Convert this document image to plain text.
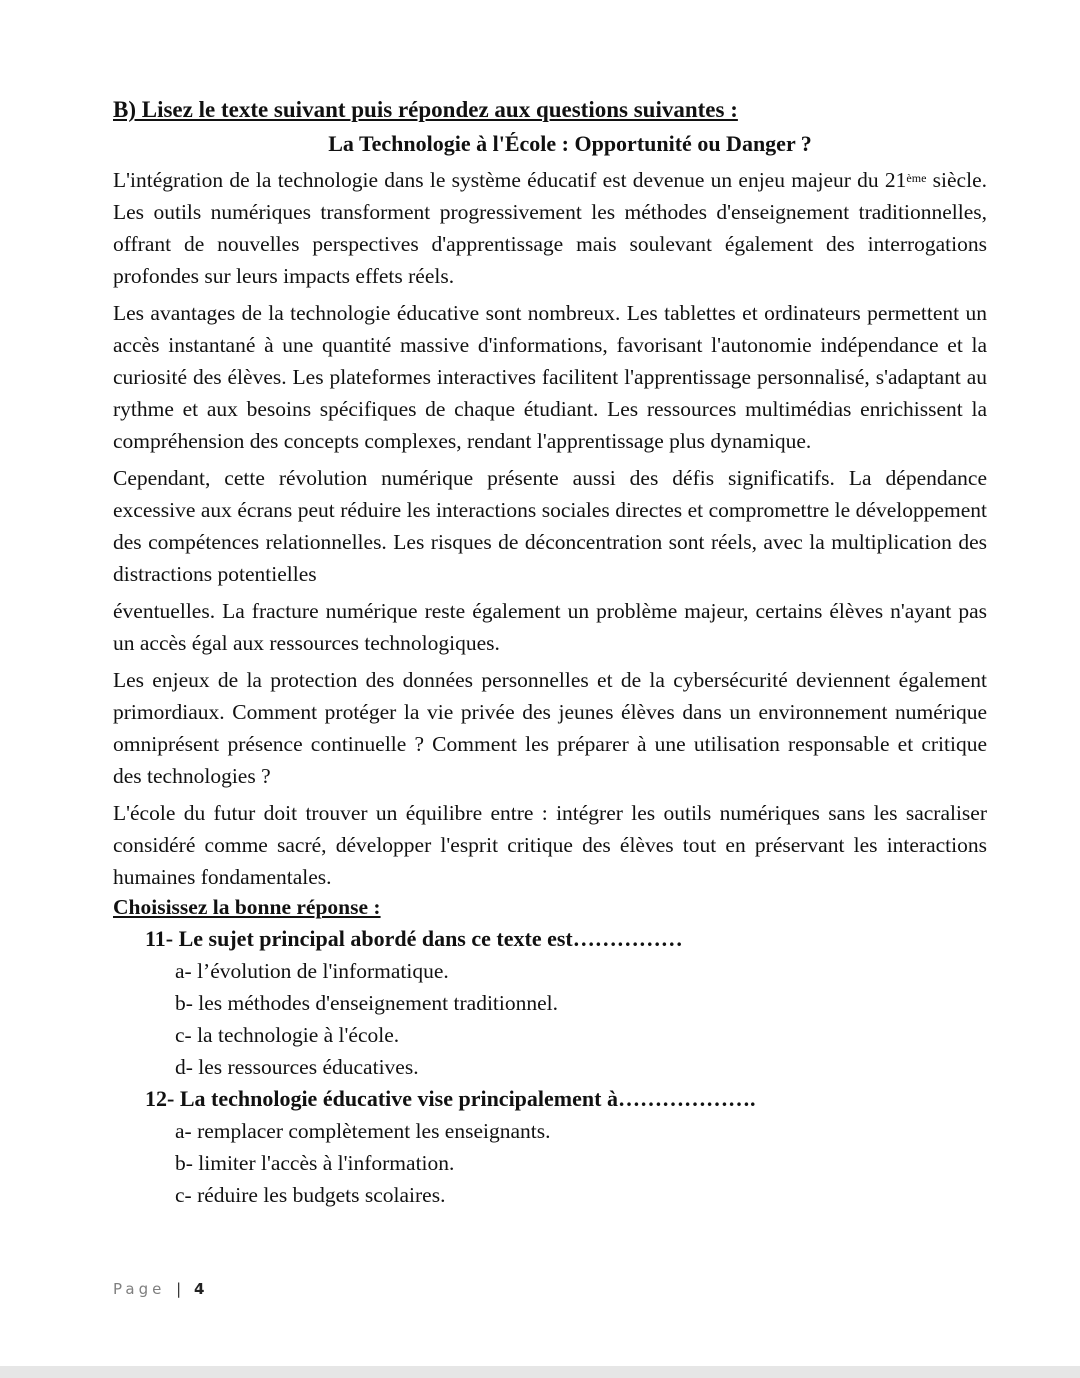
B) Lisez le texte suivant puis répondez aux questions suivantes :

La Technologie à l'École : Opportunité ou Danger ?

L'intégration de la technologie dans le système éducatif est devenue un enjeu majeur du 21ème siècle. Les outils numériques transforment progressivement les méthodes d'enseignement traditionnelles, offrant de nouvelles perspectives d'apprentissage mais soulevant également des interrogations profondes sur leurs impacts effets réels.

Les avantages de la technologie éducative sont nombreux. Les tablettes et ordinateurs permettent un accès instantané à une quantité massive d'informations, favorisant l'autonomie indépendance et la curiosité des élèves. Les plateformes interactives facilitent l'apprentissage personnalisé, s'adaptant au rythme et aux besoins spécifiques de chaque étudiant. Les ressources multimédias enrichissent la compréhension des concepts complexes, rendant l'apprentissage plus dynamique.

Cependant, cette révolution numérique présente aussi des défis significatifs. La dépendance excessive aux écrans peut réduire les interactions sociales directes et compromettre le développement des compétences relationnelles. Les risques de déconcentration sont réels, avec la multiplication des distractions potentielles

éventuelles. La fracture numérique reste également un problème majeur, certains élèves n'ayant pas un accès égal aux ressources technologiques.

Les enjeux de la protection des données personnelles et de la cybersécurité deviennent également primordiaux. Comment protéger la vie privée des jeunes élèves dans un environnement numérique omniprésent présence continuelle ? Comment les préparer à une utilisation responsable et critique des technologies ?

L'école du futur doit trouver un équilibre entre : intégrer les outils numériques sans les sacraliser considéré comme sacré, développer l'esprit critique des élèves tout en préservant les interactions humaines fondamentales.

Choisissez la bonne réponse :

11- Le sujet principal abordé dans ce texte est……………

a- l’évolution de l'informatique.

b- les méthodes d'enseignement traditionnel.

c- la technologie à l'école.

d- les ressources éducatives.

12- La technologie éducative vise principalement à……………….

a- remplacer complètement les enseignants.

b- limiter l'accès à l'information.

c- réduire les budgets scolaires.

Page | 4
